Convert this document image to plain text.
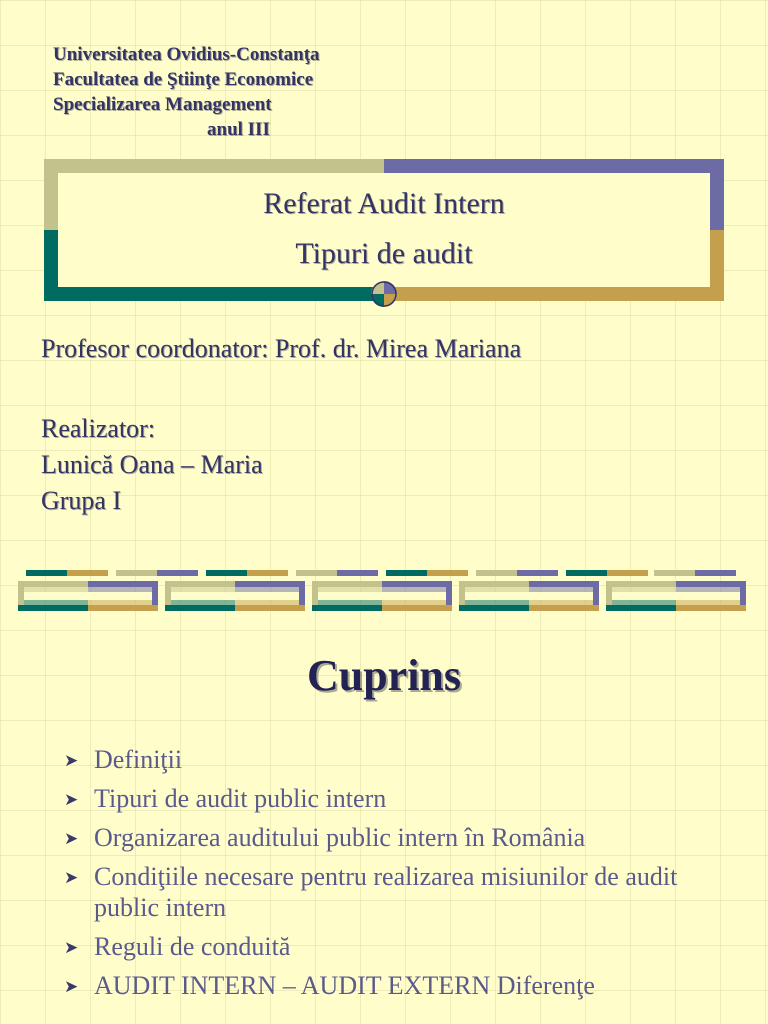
Universitatea Ovidius-Constanţa

Facultatea de Ştiinţe Economice

Specializarea Management

anul III

Referat Audit Intern

Tipuri de audit

Profesor coordonator: Prof. dr. Mirea Mariana

Realizator:

Lunică Oana – Maria

Grupa I

Cuprins
➤ Definiţii
➤ Tipuri de audit public intern
➤ Organizarea auditului public intern în România
➤ Condiţiile necesare pentru realizarea misiunilor de audit public intern
➤ Reguli de conduită
➤ AUDIT INTERN – AUDIT EXTERN Diferenţe
